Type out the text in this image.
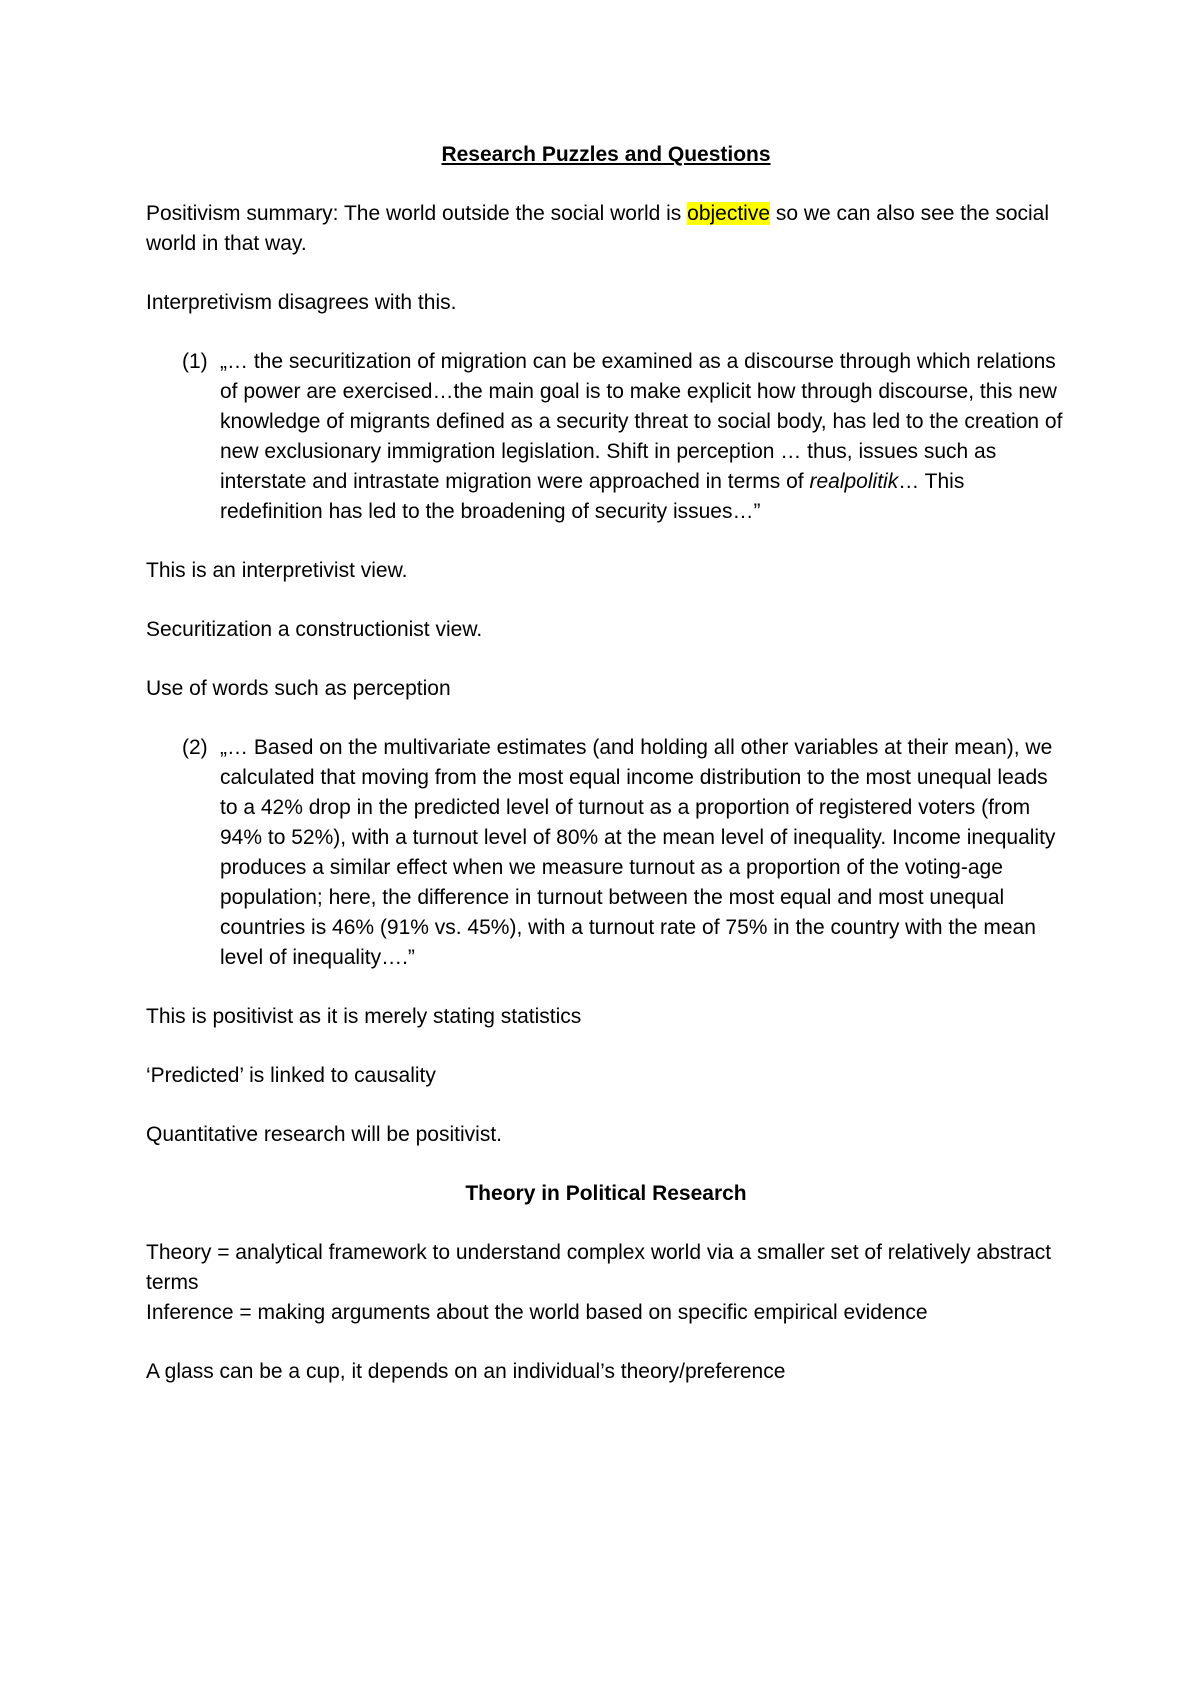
Research Puzzles and Questions

Positivism summary: The world outside the social world is objective so we can also see the social world in that way.

Interpretivism disagrees with this.

(1) „… the securitization of migration can be examined as a discourse through which relations of power are exercised…the main goal is to make explicit how through discourse, this new knowledge of migrants defined as a security threat to social body, has led to the creation of new exclusionary immigration legislation. Shift in perception … thus, issues such as interstate and intrastate migration were approached in terms of realpolitik… This redefinition has led to the broadening of security issues…”

This is an interpretivist view.

Securitization a constructionist view.

Use of words such as perception

(2) „… Based on the multivariate estimates (and holding all other variables at their mean), we calculated that moving from the most equal income distribution to the most unequal leads to a 42% drop in the predicted level of turnout as a proportion of registered voters (from 94% to 52%), with a turnout level of 80% at the mean level of inequality. Income inequality produces a similar effect when we measure turnout as a proportion of the voting-age population; here, the difference in turnout between the most equal and most unequal countries is 46% (91% vs. 45%), with a turnout rate of 75% in the country with the mean level of inequality….”

This is positivist as it is merely stating statistics

‘Predicted’ is linked to causality

Quantitative research will be positivist.

Theory in Political Research

Theory = analytical framework to understand complex world via a smaller set of relatively abstract terms

Inference = making arguments about the world based on specific empirical evidence

A glass can be a cup, it depends on an individual’s theory/preference
